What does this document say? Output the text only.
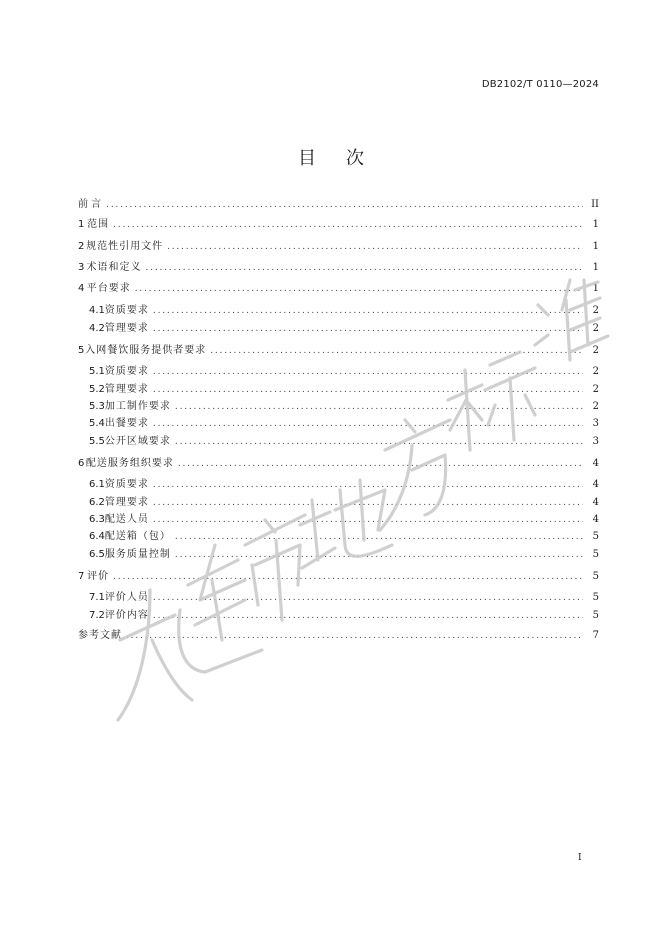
DB2102/T 0110—2024
目次
前 言 .....	II
1 范围 .....	1
2 规范性引用文件 .....	1
3 术语和定义 .....	1
4 平台要求 .....	1
4.1 资质要求 .....	2
4.2 管理要求 .....	2
5 入网餐饮服务提供者要求 .....	2
5.1 资质要求 .....	2
5.2 管理要求 .....	2
5.3 加工制作要求 .....	2
5.4 出餐要求 .....	3
5.5 公开区域要求 .....	3
6 配送服务组织要求 .....	4
6.1 资质要求 .....	4
6.2 管理要求 .....	4
6.3 配送人员 .....	4
6.4 配送箱（包） .....	5
6.5 服务质量控制 .....	5
7 评价 .....	5
7.1 评价人员 .....	5
7.2 评价内容 .....	5
参考文献 .....	7
I
